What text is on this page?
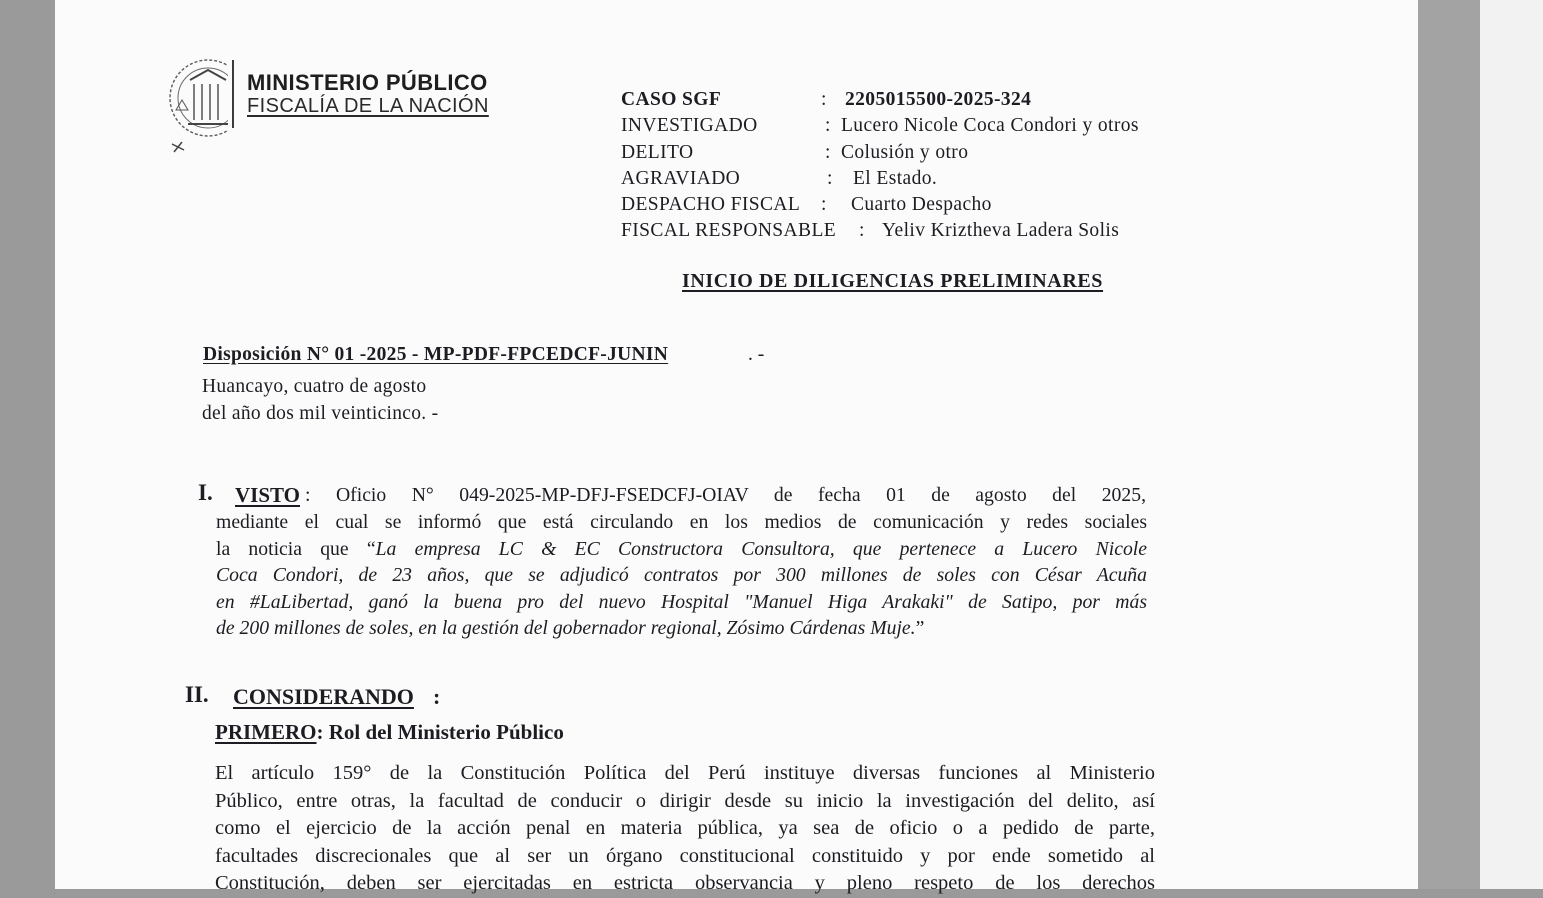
MINISTERIO PÚBLICO
FISCALÍA DE LA NACIÓN	CASO SGF	: 2205015500-2025-324
INVESTIGADO	: Lucero Nicole Coca Condori y otros
DELITO	: Colusión y otro
AGRAVIADO	: El Estado.
DESPACHO FISCAL : Cuarto Despacho
FISCAL RESPONSABLE : Yeliv Kriztheva Ladera Solis
INICIO DE DILIGENCIAS PRELIMINARES
Disposición N° 01 -2025 - MP-PDF-FPCEDCF-JUNIN	. -
Huancayo, cuatro de agosto
del año dos mil veinticinco. -
I. VISTO : Oficio N° 049-2025-MP-DFJ-FSEDCFJ-OIAV de fecha 01 de agosto del 2025,
mediante el cual se informó que está circulando en los medios de comunicación y redes sociales
la noticia que “La empresa LC & EC Constructora Consultora, que pertenece a Lucero Nicole
Coca Condori, de 23 años, que se adjudicó contratos por 300 millones de soles con César Acuña
en #LaLibertad, ganó la buena pro del nuevo Hospital "Manuel Higa Arakaki" de Satipo, por más
de 200 millones de soles, en la gestión del gobernador regional, Zósimo Cárdenas Muje.”
II. CONSIDERANDO :
PRIMERO: Rol del Ministerio Público
El artículo 159° de la Constitución Política del Perú instituye diversas funciones al Ministerio
Público, entre otras, la facultad de conducir o dirigir desde su inicio la investigación del delito, así
como el ejercicio de la acción penal en materia pública, ya sea de oficio o a pedido de parte,
facultades discrecionales que al ser un órgano constitucional constituido y por ende sometido al
Constitución, deben ser ejercitadas en estricta observancia y pleno respeto de los derechos
